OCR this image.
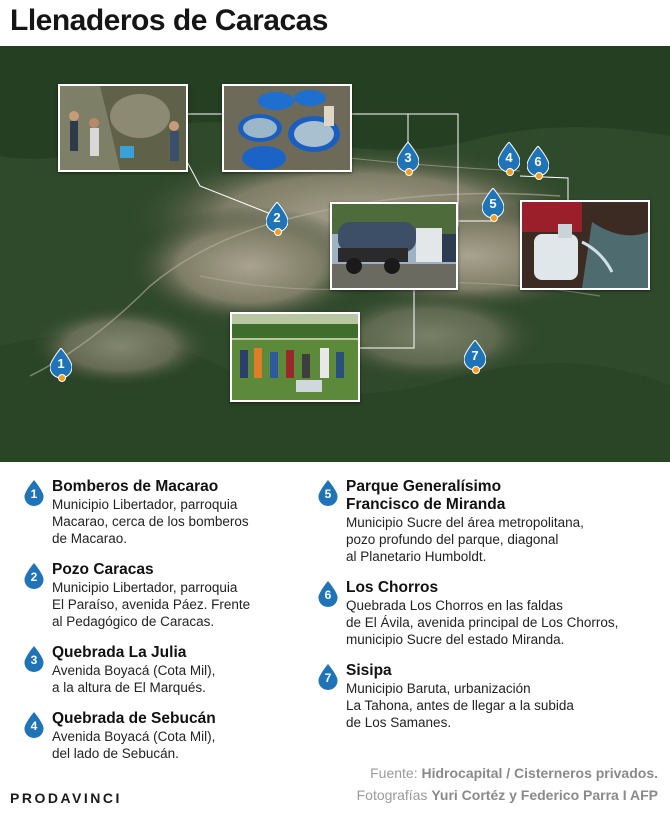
Llenaderos de Caracas
1
2
3	4
5
6
7
1 Bomberos de Macarao
Municipio Libertador, parroquia
Macarao, cerca de los bomberos
de Macarao.
2 Pozo Caracas
Municipio Libertador, parroquia
El Paraíso, avenida Páez. Frente
al Pedagógico de Caracas.
3 Quebrada La Julia
Avenida Boyacá (Cota Mil),
a la altura de El Marqués.
4 Quebrada de Sebucán
Avenida Boyacá (Cota Mil),
del lado de Sebucán.
5 Parque Generalísimo
Francisco de Miranda
Municipio Sucre del área metropolitana,
pozo profundo del parque, diagonal
al Planetario Humboldt.
6 Los Chorros
Quebrada Los Chorros en las faldas
de El Ávila, avenida principal de Los Chorros,
municipio Sucre del estado Miranda.
7 Sisipa
Municipio Baruta, urbanización
La Tahona, antes de llegar a la subida
de Los Samanes.
Fuente: Hidrocapital / Cisterneros privados.
Fotografías Yuri Cortéz y Federico Parra I AFP
PRODAVINCI
